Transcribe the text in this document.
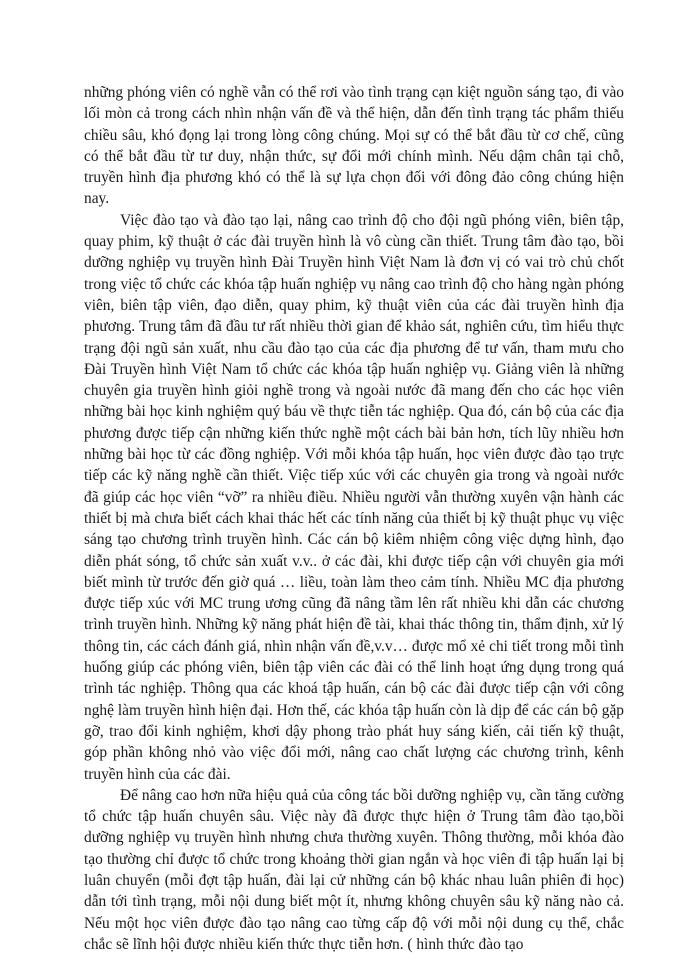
những phóng viên có nghề vẫn có thể rơi vào tình trạng cạn kiệt nguồn sáng tạo, đi vào lối mòn cả trong cách nhìn nhận vấn đề và thể hiện, dẫn đến tình trạng tác phẩm thiếu chiều sâu, khó đọng lại trong lòng công chúng. Mọi sự có thể bắt đầu từ cơ chế, cũng có thể bắt đầu từ tư duy, nhận thức, sự đổi mới chính mình. Nếu dậm chân tại chỗ, truyền hình địa phương khó có thể là sự lựa chọn đối với đông đảo công chúng hiện nay.

Việc đào tạo và đào tạo lại, nâng cao trình độ cho đội ngũ phóng viên, biên tập, quay phim, kỹ thuật ở các đài truyền hình là vô cùng cần thiết. Trung tâm đào tạo, bồi dưỡng nghiệp vụ truyền hình Đài Truyền hình Việt Nam là đơn vị có vai trò chủ chốt trong việc tổ chức các khóa tập huấn nghiệp vụ nâng cao trình độ cho hàng ngàn phóng viên, biên tập viên, đạo diễn, quay phim, kỹ thuật viên của các đài truyền hình địa phương. Trung tâm đã đầu tư rất nhiều thời gian để khảo sát, nghiên cứu, tìm hiểu thực trạng đội ngũ sản xuất, nhu cầu đào tạo của các địa phương để tư vấn, tham mưu cho Đài Truyền hình Việt Nam tổ chức các khóa tập huấn nghiệp vụ. Giảng viên là những chuyên gia truyền hình giỏi nghề trong và ngoài nước đã mang đến cho các học viên những bài học kinh nghiệm quý báu về thực tiễn tác nghiệp. Qua đó, cán bộ của các địa phương được tiếp cận những kiến thức nghề một cách bài bản hơn, tích lũy nhiều hơn những bài học từ các đồng nghiệp. Với mỗi khóa tập huấn, học viên được đào tạo trực tiếp các kỹ năng nghề cần thiết. Việc tiếp xúc với các chuyên gia trong và ngoài nước đã giúp các học viên “vỡ” ra nhiều điều. Nhiều người vẫn thường xuyên vận hành các thiết bị mà chưa biết cách khai thác hết các tính năng của thiết bị kỹ thuật phục vụ việc sáng tạo chương trình truyền hình. Các cán bộ kiêm nhiệm công việc dựng hình, đạo diễn phát sóng, tổ chức sản xuất v.v.. ở các đài, khi được tiếp cận với chuyên gia mới biết mình từ trước đến giờ quá … liều, toàn làm theo cảm tính. Nhiều MC địa phương được tiếp xúc với MC trung ương cũng đã nâng tầm lên rất nhiều khi dẫn các chương trình truyền hình. Những kỹ năng phát hiện đề tài, khai thác thông tin, thẩm định, xử lý thông tin, các cách đánh giá, nhìn nhận vấn đề,v.v… được mổ xẻ chi tiết trong mỗi tình huống giúp các phóng viên, biên tập viên các đài có thể linh hoạt ứng dụng trong quá trình tác nghiệp. Thông qua các khoá tập huấn, cán bộ các đài được tiếp cận với công nghệ làm truyền hình hiện đại. Hơn thế, các khóa tập huấn còn là dịp để các cán bộ gặp gỡ, trao đổi kinh nghiệm, khơi dậy phong trào phát huy sáng kiến, cải tiến kỹ thuật, góp phần không nhỏ vào việc đổi mới, nâng cao chất lượng các chương trình, kênh truyền hình của các đài.

Để nâng cao hơn nữa hiệu quả của công tác bồi dưỡng nghiệp vụ, cần tăng cường tổ chức tập huấn chuyên sâu. Việc này đã được thực hiện ở Trung tâm đào tạo,bồi dưỡng nghiệp vụ truyền hình nhưng chưa thường xuyên. Thông thường, mỗi khóa đào tạo thường chỉ được tổ chức trong khoảng thời gian ngắn và học viên đi tập huấn lại bị luân chuyển (mỗi đợt tập huấn, đài lại cử những cán bộ khác nhau luân phiên đi học) dẫn tới tình trạng, mỗi nội dung biết một ít, nhưng không chuyên sâu kỹ năng nào cả. Nếu một học viên được đào tạo nâng cao từng cấp độ với mỗi nội dung cụ thể, chắc chắc sẽ lĩnh hội được nhiều kiến thức thực tiễn hơn. ( hình thức đào tạo
